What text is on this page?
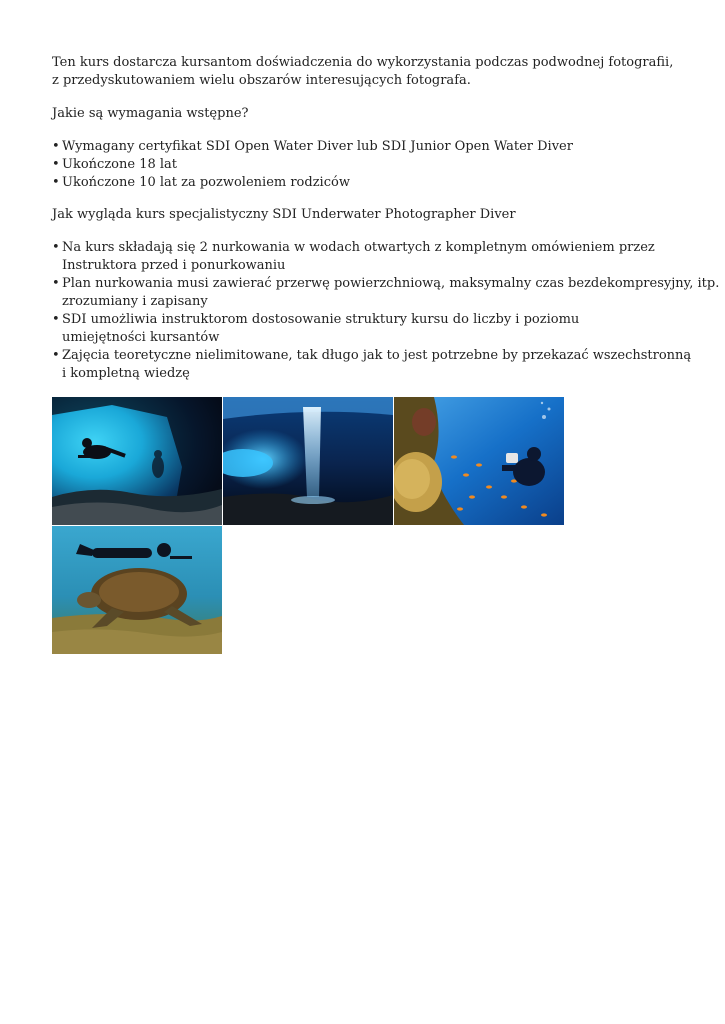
Ten kurs dostarcza kursantom doświadczenia do wykorzystania podczas podwodnej fotografii,
z przedyskutowaniem wielu obszarów interesujących fotografa.

Jakie są wymagania wstępne?

• Wymagany certyfikat SDI Open Water Diver lub SDI Junior Open Water Diver
• Ukończone 18 lat
• Ukończone 10 lat za pozwoleniem rodziców

Jak wygląda kurs specjalistyczny SDI Underwater Photographer Diver

• Na kurs składają się 2 nurkowania w wodach otwartych z kompletnym omówieniem przez
Instruktora przed i ponurkowaniu
• Plan nurkowania musi zawierać przerwę powierzchniową, maksymalny czas bezdekompresyjny, itp.
zrozumiany i zapisany
• SDI umożliwia instruktorom dostosowanie struktury kursu do liczby i poziomu
umiejętności kursantów
• Zajęcia teoretyczne nielimitowane, tak długo jak to jest potrzebne by przekazać wszechstronną
i kompletną wiedzę
